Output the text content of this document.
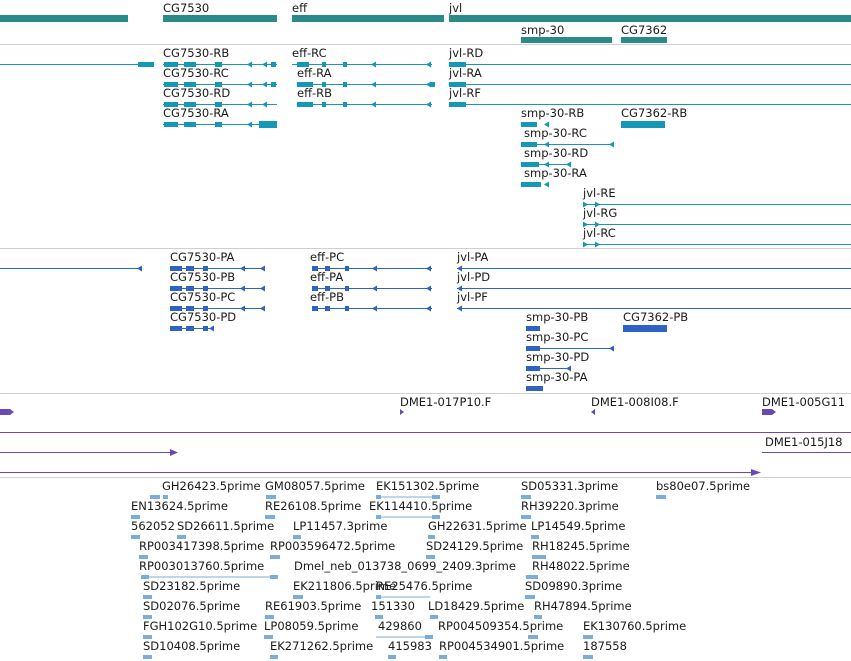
CG7530	eff	jvl
smp-30	CG7362
CG7530-RB	eff-RC	jvl-RD
CG7530-RC	eff-RA	jvl-RA
CG7530-RD	eff-RB	jvl-RF
CG7530-RA	smp-30-RB	CG7362-RB
smp-30-RC
smp-30-RD
smp-30-RA
jvl-RE
jvl-RG
jvl-RC
CG7530-PA	eff-PC	jvl-PA
CG7530-PB	eff-PA	jvl-PD
CG7530-PC	eff-PB	jvl-PF
CG7530-PD	smp-30-PB	CG7362-PB
smp-30-PC
smp-30-PD
smp-30-PA
DME1-017P10.F	DME1-008I08.F	DME1-005G11
DME1-015J18
GH26423.5prime GM08057.5prime EK151302.5prime	SD05331.3prime	bs80e07.5prime
EN13624.5prime	RE26108.5prime EK114410.5prime	RH39220.3prime
562052 SD26611.5prime LP11457.3prime	GH22631.5prime LP14549.5prime
RP003417398.5prime RP003596472.5prime	SD24129.5prime RH18245.5prime
RP003013760.5prime	Dmel_neb_013738_0699_2409.3prime RH48022.5prime
SD23182.5prime	EK211806.5prime
RE25476.5prime	SD09890.3prime
SD02076.5prime RE61903.5prime 151330 LD18429.5prime RH47894.5prime
FGH102G10.5prime LP08059.5prime 429860 RP004509354.5prime EK130760.5prime
SD10408.5prime	EK271262.5prime 415983 RP004534901.5prime 187558
